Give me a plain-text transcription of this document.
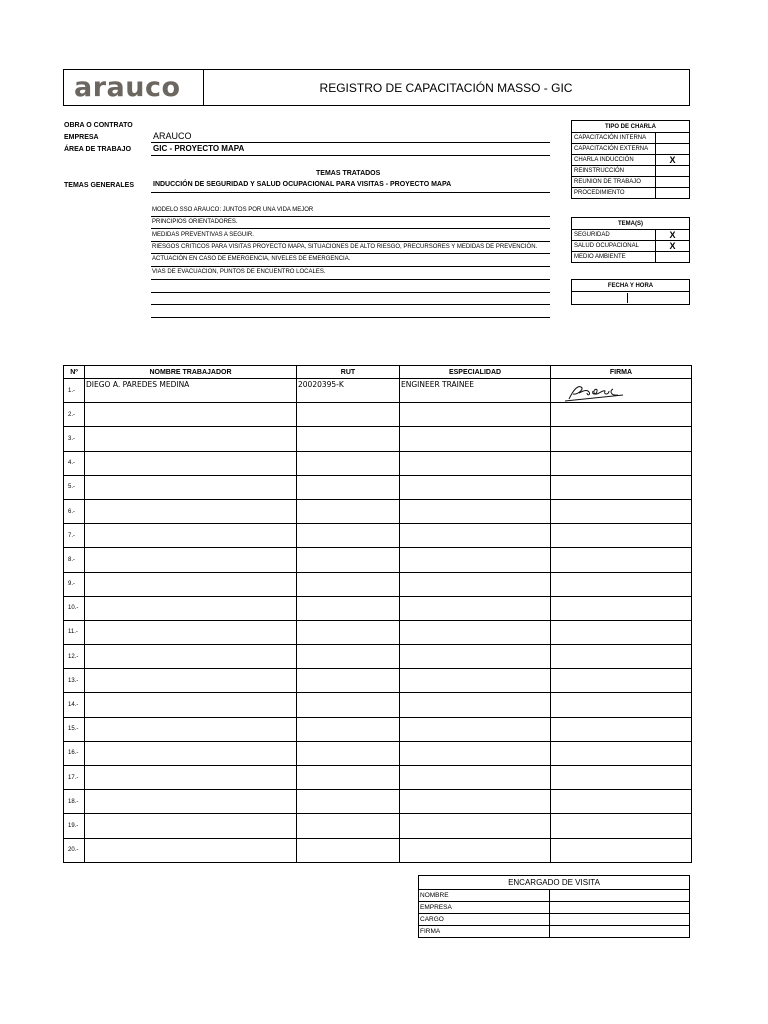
arauco	REGISTRO DE CAPACITACIÓN MASSO - GIC
OBRA O CONTRATO
EMPRESA	ARAUCO
ÁREA DE TRABAJO	GIC - PROYECTO MAPA
TEMAS TRATADOS
TEMAS GENERALES	INDUCCIÓN DE SEGURIDAD Y SALUD OCUPACIONAL PARA VISITAS - PROYECTO MAPA
MODELO SSO ARAUCO: JUNTOS POR UNA VIDA MEJOR
PRINCIPIOS ORIENTADORES.
MEDIDAS PREVENTIVAS A SEGUIR.
RIESGOS CRITICOS PARA VISITAS PROYECTO MAPA, SITUACIONES DE ALTO RIESGO, PRECURSORES Y MEDIDAS DE PREVENCIÓN.
ACTUACIÓN EN CASO DE EMERGENCIA, NIVELES DE EMERGENCIA.
VIAS DE EVACUACION, PUNTOS DE ENCUENTRO LOCALES.
TIPO DE CHARLA	
CAPACITACIÓN INTERNA	
CAPACITACIÓN EXTERNA	
CHARLA INDUCCIÓN	X
REINSTRUCCIÓN	
REUNION DE TRABAJO	
PROCEDIMIENTO	
TEMA(S)	
SEGURIDAD	X
SALUD OCUPACIONAL	X
MEDIO AMBIENTE	
FECHA Y HORA

Nº	NOMBRE TRABAJADOR	RUT	ESPECIALIDAD	FIRMA
1.-	DIEGO A. PAREDES MEDINA	20020395-K	ENGINEER TRAINEE	

2.-				
3.-				
4.-				
5.-				
6.-				
7.-				
8.-				
9.-				
10.-				
11.-				
12.-				
13.-				
14.-				
15.-				
16.-				
17.-				
18.-				
19.-				
20.-				
ENCARGADO DE VISITA	
NOMBRE	
EMPRESA	
CARGO	
FIRMA	
